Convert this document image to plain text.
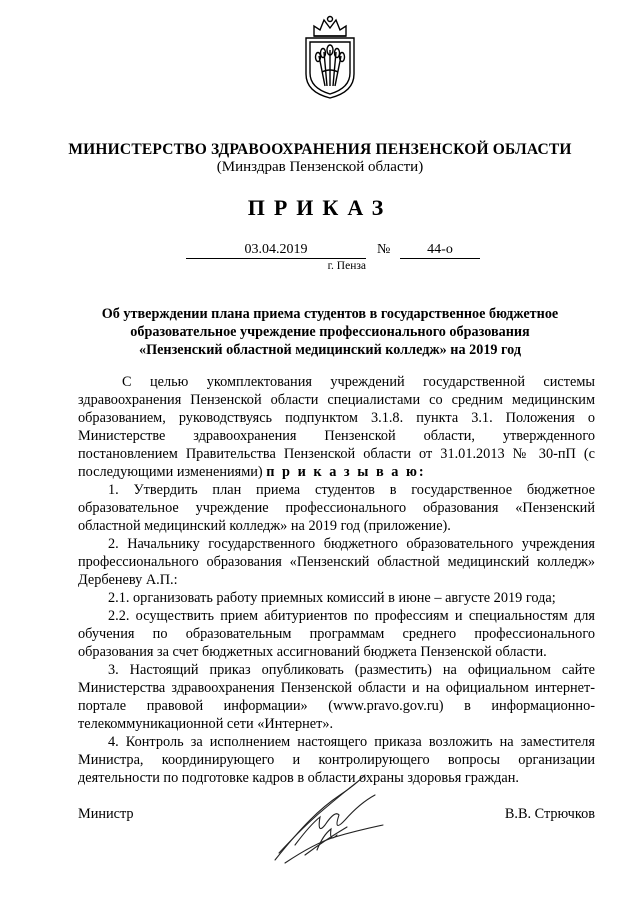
МИНИСТЕРСТВО ЗДРАВООХРАНЕНИЯ ПЕНЗЕНСКОЙ ОБЛАСТИ
(Минздрав Пензенской области)
ПРИКАЗ
03.04.2019	№	44-о
г. Пенза
Об утверждении плана приема студентов в государственное бюджетное
образовательное учреждение профессионального образования
«Пензенский областной медицинский колледж» на 2019 год

С целью укомплектования учреждений государственной системы здравоохранения Пензенской области специалистами со средним медицинским образованием, руководствуясь подпунктом 3.1.8. пункта 3.1. Положения о Министерстве здравоохранения Пензенской области, утвержденного постановлением Правительства Пензенской области от 31.01.2013 № 30-пП (с последующими изменениями) п р и к а з ы в а ю:

1. Утвердить план приема студентов в государственное бюджетное образовательное учреждение профессионального образования «Пензенский областной медицинский колледж» на 2019 год (приложение).

2. Начальнику государственного бюджетного образовательного учреждения профессионального образования «Пензенский областной медицинский колледж» Дербеневу А.П.:

2.1. организовать работу приемных комиссий в июне – августе 2019 года;

2.2. осуществить прием абитуриентов по профессиям и специальностям для обучения по образовательным программам среднего профессионального образования за счет бюджетных ассигнований бюджета Пензенской области.

3. Настоящий приказ опубликовать (разместить) на официальном сайте Министерства здравоохранения Пензенской области и на официальном интернет-портале правовой информации» (www.pravo.gov.ru) в информационно-телекоммуникационной сети «Интернет».

4. Контроль за исполнением настоящего приказа возложить на заместителя Министра, координирующего и контролирующего вопросы организации деятельности по подготовке кадров в области охраны здоровья граждан.

Министр	В.В. Стрючков
